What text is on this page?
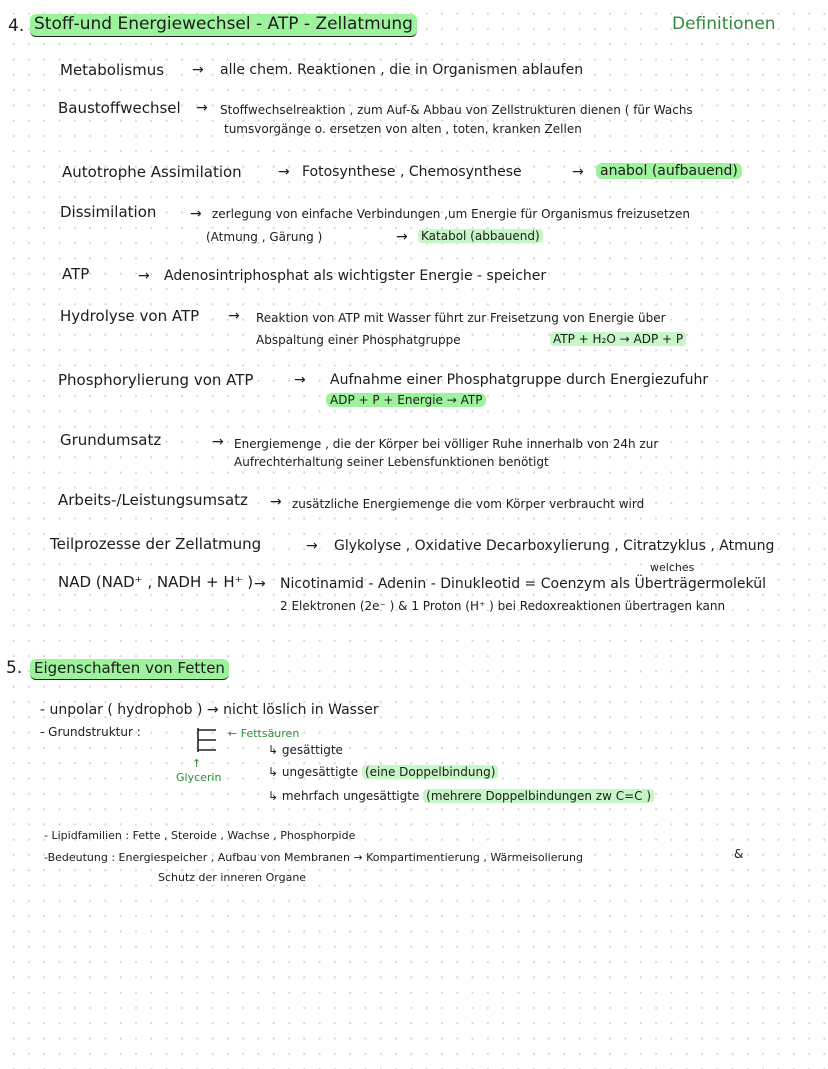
4. Stoff-und Energiewechsel - ATP - Zellatmung	Definitionen
Metabolismus → alle chem. Reaktionen , die in Organismen ablaufen
Baustoffwechsel → Stoffwechselreaktion , zum Auf-& Abbau von Zellstrukturen dienen ( für Wachs
tumsvorgänge o. ersetzen von alten , toten, kranken Zellen
Autotrophe Assimilation	→ Fotosynthese , Chemosynthese	→ anabol (aufbauend)
Dissimilation → zerlegung von einfache Verbindungen ,um Energie für Organismus freizusetzen
(Atmung , Gärung )	→ Katabol (abbauend)
ATP	→ Adenosintriphosphat als wichtigster Energie - speicher
Hydrolyse von ATP → Reaktion von ATP mit Wasser führt zur Freisetzung von Energie über
Abspaltung einer Phosphatgruppe	ATP + H₂O → ADP + P
Phosphorylierung von ATP	→ Aufnahme einer Phosphatgruppe durch Energiezufuhr
ADP + P + Energie → ATP
Grundumsatz	→ Energiemenge , die der Körper bei völliger Ruhe innerhalb von 24h zur
Aufrechterhaltung seiner Lebensfunktionen benötigt
Arbeits-/Leistungsumsatz → zusätzliche Energiemenge die vom Körper verbraucht wird
Teilprozesse der Zellatmung	→ Glykolyse , Oxidative Decarboxylierung , Citratzyklus , Atmung
welches
NAD (NAD⁺ , NADH + H⁺ ) → Nicotinamid - Adenin - Dinukleotid = Coenzym als Überträgermolekül
2 Elektronen (2e⁻ ) & 1 Proton (H⁺ ) bei Redoxreaktionen übertragen kann
5. Eigenschaften von Fetten
- unpolar ( hydrophob ) → nicht löslich in Wasser
- Grundstruktur :	← Fettsäuren
↑
Glycerin
↳ gesättigte
↳ ungesättigte (eine Doppelbindung)
↳ mehrfach ungesättigte (mehrere Doppelbindungen zw C=C )
- Lipidfamilien : Fette , Steroide , Wachse , Phosphorpide
-Bedeutung : Energiespeicher , Aufbau von Membranen → Kompartimentierung , Wärmeisolierung	&
Schutz der inneren Organe
